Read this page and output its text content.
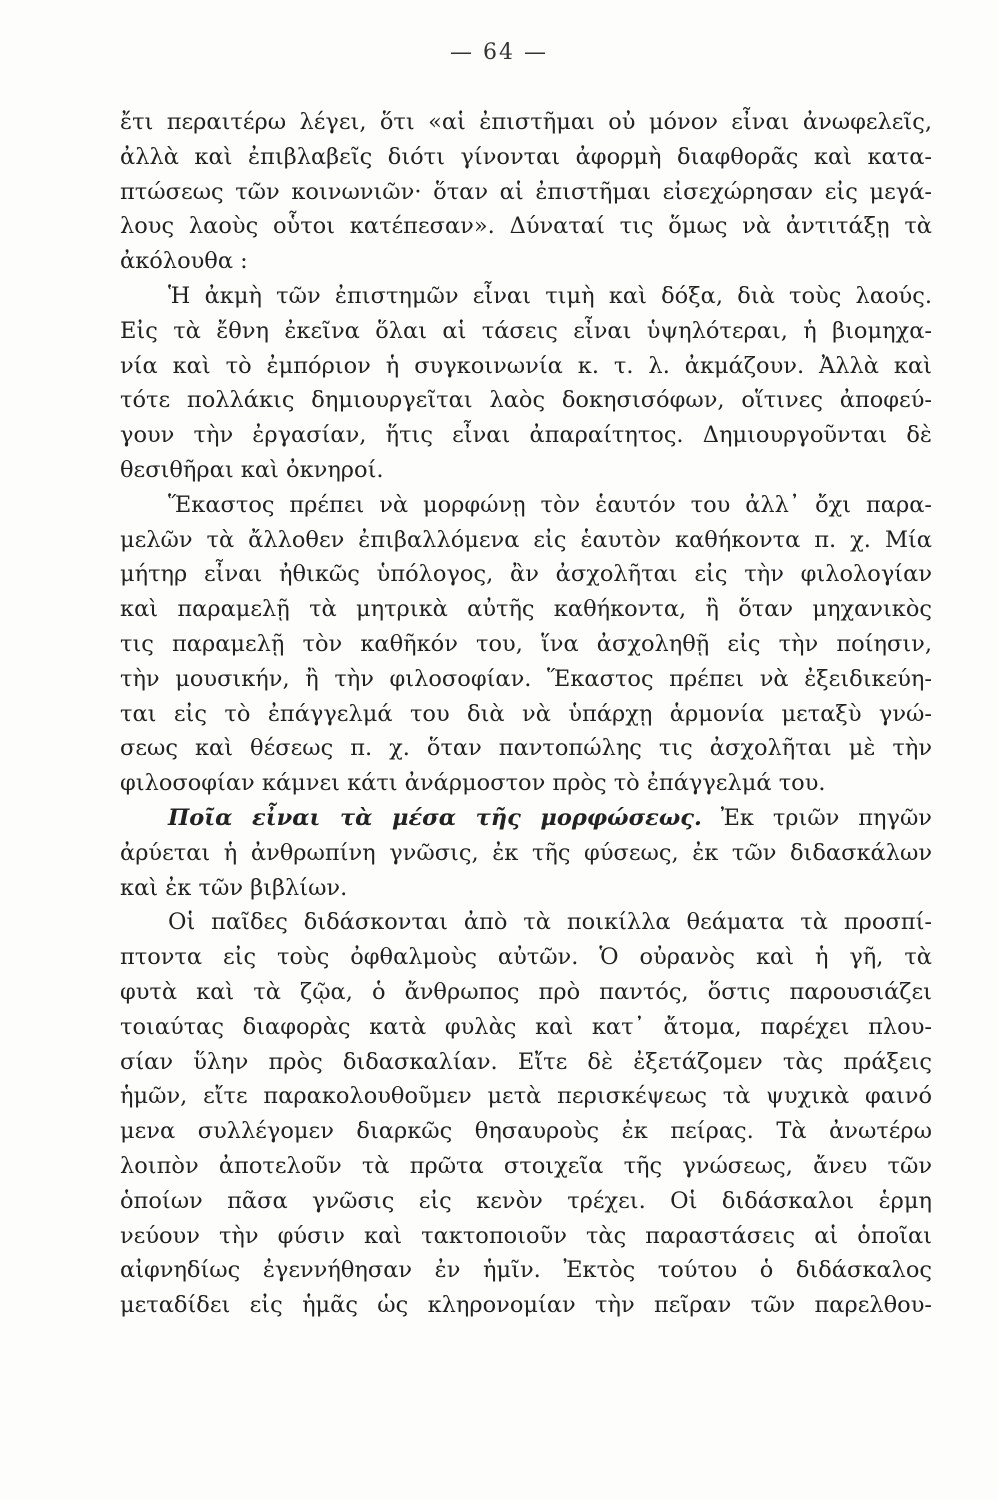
— 64 —
ἔτι περαιτέρω λέγει, ὅτι «αἱ ἐπιστῆμαι οὐ μόνον εἶναι ἀνωφελεῖς,
ἀλλὰ καὶ ἐπιβλαβεῖς διότι γίνονται ἀφορμὴ διαφθορᾶς καὶ κατα-
πτώσεως τῶν κοινωνιῶν· ὅταν αἱ ἐπιστῆμαι εἰσεχώρησαν εἰς μεγά-
λους λαοὺς οὗτοι κατέπεσαν». Δύναταί τις ὅμως νὰ ἀντιτάξῃ τὰ
ἀκόλουθα :
Ἡ ἀκμὴ τῶν ἐπιστημῶν εἶναι τιμὴ καὶ δόξα, διὰ τοὺς λαούς.
Εἰς τὰ ἔθνη ἐκεῖνα ὅλαι αἱ τάσεις εἶναι ὑψηλότεραι, ἡ βιομηχα-
νία καὶ τὸ ἐμπόριον ἡ συγκοινωνία κ. τ. λ. ἀκμάζουν. Ἀλλὰ καὶ
τότε πολλάκις δημιουργεῖται λαὸς δοκησισόφων, οἵτινες ἀποφεύ-
γουν τὴν ἐργασίαν, ἥτις εἶναι ἀπαραίτητος. Δημιουργοῦνται δὲ
θεσιθῆραι καὶ ὀκνηροί.
Ἕκαστος πρέπει νὰ μορφώνῃ τὸν ἑαυτόν του ἀλλ᾽ ὄχι παρα-
μελῶν τὰ ἄλλοθεν ἐπιβαλλόμενα εἰς ἑαυτὸν καθήκοντα π. χ. Μία
μήτηρ εἶναι ἠθικῶς ὑπόλογος, ἂν ἀσχολῆται εἰς τὴν φιλολογίαν
καὶ παραμελῇ τὰ μητρικὰ αὐτῆς καθήκοντα, ἢ ὅταν μηχανικὸς
τις παραμελῇ τὸν καθῆκόν του, ἵνα ἀσχοληθῇ εἰς τὴν ποίησιν,
τὴν μουσικήν, ἢ τὴν φιλοσοφίαν. Ἕκαστος πρέπει νὰ ἐξειδικεύη-
ται εἰς τὸ ἐπάγγελμά του διὰ νὰ ὑπάρχῃ ἁρμονία μεταξὺ γνώ-
σεως καὶ θέσεως π. χ. ὅταν παντοπώλης τις ἀσχολῆται μὲ τὴν
φιλοσοφίαν κάμνει κάτι ἀνάρμοστον πρὸς τὸ ἐπάγγελμά του.
Ποῖα εἶναι τὰ μέσα τῆς μορφώσεως. Ἐκ τριῶν πηγῶν
ἀρύεται ἡ ἀνθρωπίνη γνῶσις, ἐκ τῆς φύσεως, ἐκ τῶν διδασκάλων
καὶ ἐκ τῶν βιβλίων.
Οἱ παῖδες διδάσκονται ἀπὸ τὰ ποικίλλα θεάματα τὰ προσπί-
πτοντα εἰς τοὺς ὀφθαλμοὺς αὐτῶν. Ὁ οὐρανὸς καὶ ἡ γῆ, τὰ
φυτὰ καὶ τὰ ζῷα, ὁ ἄνθρωπος πρὸ παντός, ὅστις παρουσιάζει
τοιαύτας διαφορὰς κατὰ φυλὰς καὶ κατ᾽ ἄτομα, παρέχει πλου-
σίαν ὕλην πρὸς διδασκαλίαν. Εἴτε δὲ ἐξετάζομεν τὰς πράξεις
ἡμῶν, εἴτε παρακολουθοῦμεν μετὰ περισκέψεως τὰ ψυχικὰ φαινό
μενα συλλέγομεν διαρκῶς θησαυροὺς ἐκ πείρας. Τὰ ἀνωτέρω
λοιπὸν ἀποτελοῦν τὰ πρῶτα στοιχεῖα τῆς γνώσεως, ἄνευ τῶν
ὁποίων πᾶσα γνῶσις εἰς κενὸν τρέχει. Οἱ διδάσκαλοι ἑρμη
νεύουν τὴν φύσιν καὶ τακτοποιοῦν τὰς παραστάσεις αἱ ὁποῖαι
αἰφνηδίως ἐγεννήθησαν ἐν ἡμῖν. Ἐκτὸς τούτου ὁ διδάσκαλος
μεταδίδει εἰς ἡμᾶς ὡς κληρονομίαν τὴν πεῖραν τῶν παρελθου-
